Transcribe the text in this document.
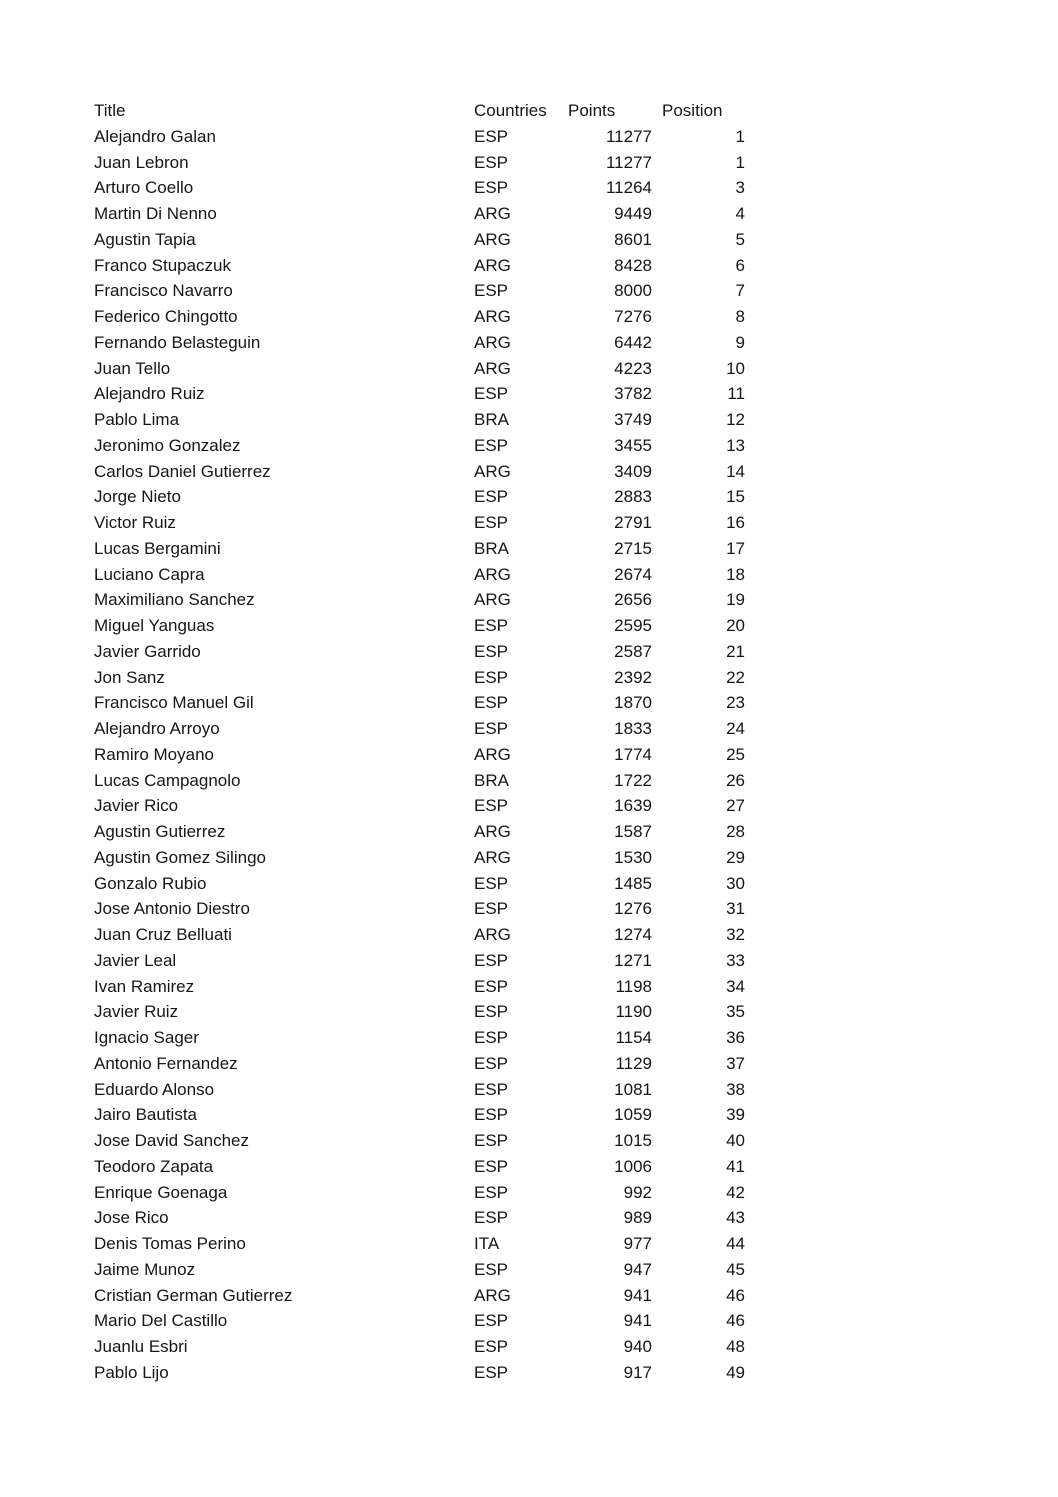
Title	Countries	Points	Position
Alejandro Galan	ESP	11277	1
Juan Lebron	ESP	11277	1
Arturo Coello	ESP	11264	3
Martin Di Nenno	ARG	9449	4
Agustin Tapia	ARG	8601	5
Franco Stupaczuk	ARG	8428	6
Francisco Navarro	ESP	8000	7
Federico Chingotto	ARG	7276	8
Fernando Belasteguin	ARG	6442	9
Juan Tello	ARG	4223	10
Alejandro Ruiz	ESP	3782	11
Pablo Lima	BRA	3749	12
Jeronimo Gonzalez	ESP	3455	13
Carlos Daniel Gutierrez	ARG	3409	14
Jorge Nieto	ESP	2883	15
Victor Ruiz	ESP	2791	16
Lucas Bergamini	BRA	2715	17
Luciano Capra	ARG	2674	18
Maximiliano Sanchez	ARG	2656	19
Miguel Yanguas	ESP	2595	20
Javier Garrido	ESP	2587	21
Jon Sanz	ESP	2392	22
Francisco Manuel Gil	ESP	1870	23
Alejandro Arroyo	ESP	1833	24
Ramiro Moyano	ARG	1774	25
Lucas Campagnolo	BRA	1722	26
Javier Rico	ESP	1639	27
Agustin Gutierrez	ARG	1587	28
Agustin Gomez Silingo	ARG	1530	29
Gonzalo Rubio	ESP	1485	30
Jose Antonio Diestro	ESP	1276	31
Juan Cruz Belluati	ARG	1274	32
Javier Leal	ESP	1271	33
Ivan Ramirez	ESP	1198	34
Javier Ruiz	ESP	1190	35
Ignacio Sager	ESP	1154	36
Antonio Fernandez	ESP	1129	37
Eduardo Alonso	ESP	1081	38
Jairo Bautista	ESP	1059	39
Jose David Sanchez	ESP	1015	40
Teodoro Zapata	ESP	1006	41
Enrique Goenaga	ESP	992	42
Jose Rico	ESP	989	43
Denis Tomas Perino	ITA	977	44
Jaime Munoz	ESP	947	45
Cristian German Gutierrez	ARG	941	46
Mario Del Castillo	ESP	941	46
Juanlu Esbri	ESP	940	48
Pablo Lijo	ESP	917	49
